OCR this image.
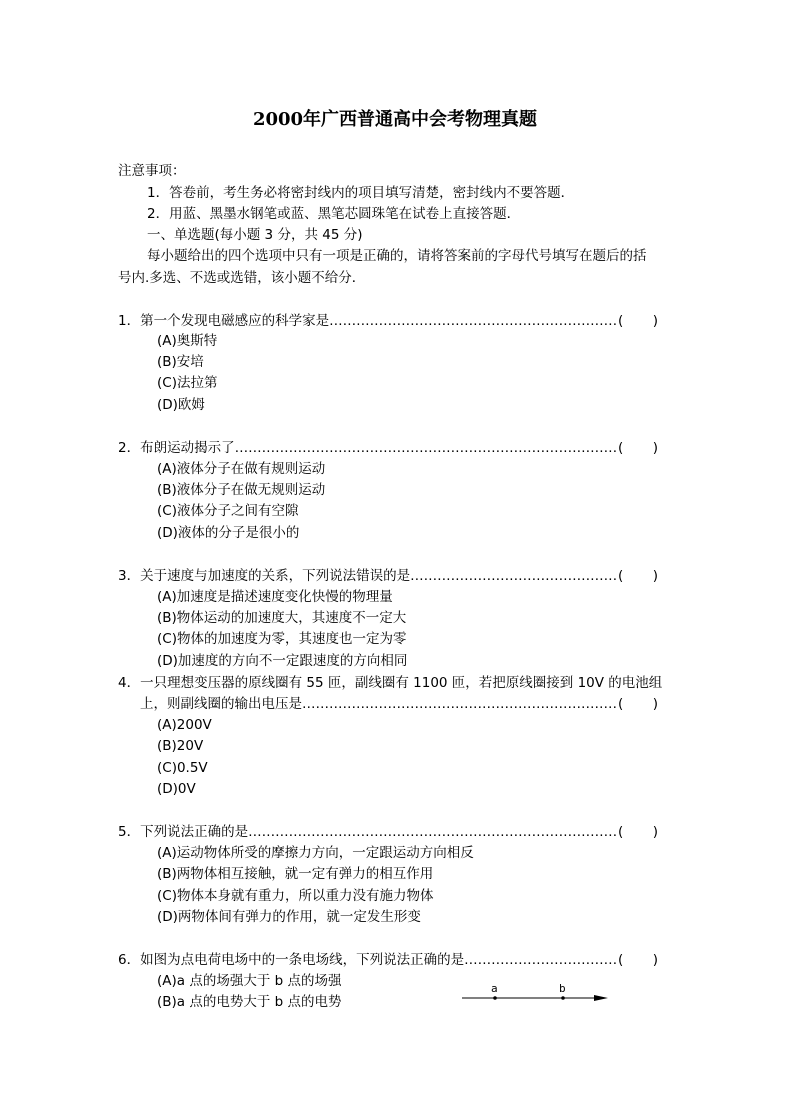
2000年广西普通高中会考物理真题
注意事项：
1．答卷前，考生务必将密封线内的项目填写清楚，密封线内不要答题．
2．用蓝、黑墨水钢笔或蓝、黑笔芯圆珠笔在试卷上直接答题．
一、单选题(每小题 3 分，共 45 分)
每小题给出的四个选项中只有一项是正确的，请将答案前的字母代号填写在题后的括
号内.多选、不选或选错，该小题不给分．
1．第一个发现电磁感应的科学家是 ……………………………………………………………………………………………………………………………………………………………	( )
(A)奥斯特
(B)安培
(C)法拉第
(D)欧姆
2．布朗运动揭示了 ……………………………………………………………………………………………………………………………………………………………	( )
(A)液体分子在做有规则运动
(B)液体分子在做无规则运动
(C)液体分子之间有空隙
(D)液体的分子是很小的
3．关于速度与加速度的关系，下列说法错误的是 ……………………………………………………………………………………………………………………………………………………………	( )
(A)加速度是描述速度变化快慢的物理量
(B)物体运动的加速度大，其速度不一定大
(C)物体的加速度为零，其速度也一定为零
(D)加速度的方向不一定跟速度的方向相同
4．一只理想变压器的原线圈有 55 匝，副线圈有 1100 匝，若把原线圈接到 10V 的电池组
上，则副线圈的输出电压是 ……………………………………………………………………………………………………………………………………………………………	( )
(A)200V
(B)20V
(C)0.5V
(D)0V
5．下列说法正确的是 ……………………………………………………………………………………………………………………………………………………………	( )
(A)运动物体所受的摩擦力方向，一定跟运动方向相反
(B)两物体相互接触，就一定有弹力的相互作用
(C)物体本身就有重力，所以重力没有施力物体
(D)两物体间有弹力的作用，就一定发生形变
6．如图为点电荷电场中的一条电场线，下列说法正确的是 ……………………………………………………………………………………………………………………………………………………………	( )
(A)a 点的场强大于 b 点的场强
(B)a 点的电势大于 b 点的电势
a	b
